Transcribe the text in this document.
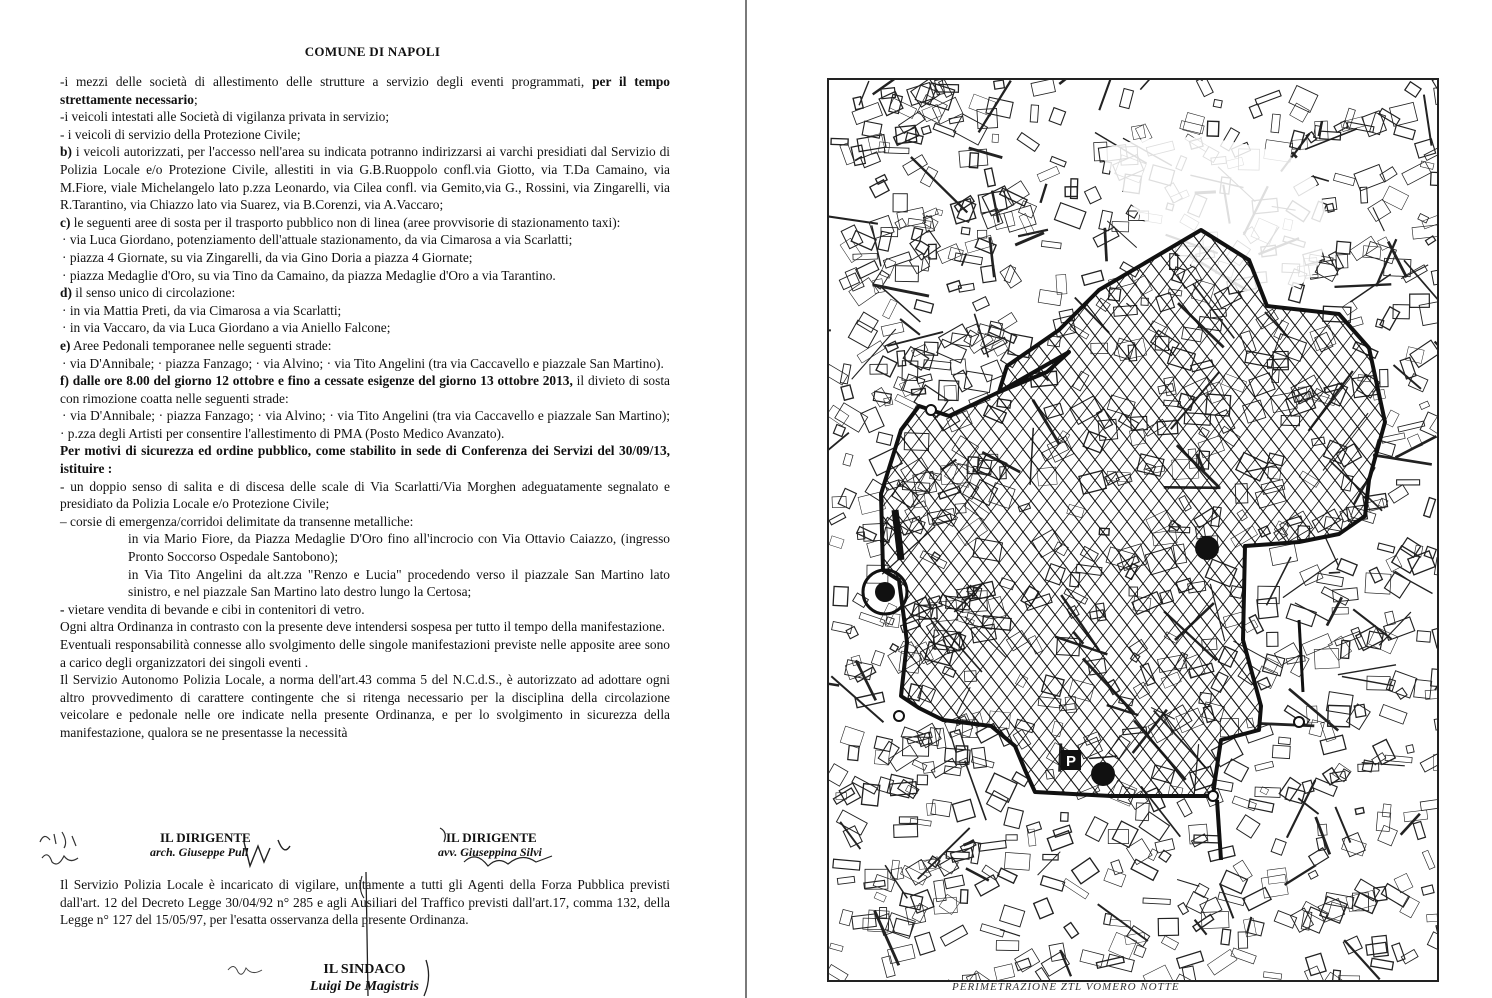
COMUNE DI NAPOLI

-i mezzi delle società di allestimento delle strutture a servizio degli eventi programmati, per il tempo strettamente necessario;

-i veicoli intestati alle Società di vigilanza privata in servizio;

- i veicoli di servizio della Protezione Civile;

b) i veicoli autorizzati, per l'accesso nell'area su indicata potranno indirizzarsi ai varchi presidiati dal Servizio di Polizia Locale e/o Protezione Civile, allestiti in via G.B.Ruoppolo confl.via Giotto, via T.Da Camaino, via M.Fiore, viale Michelangelo lato p.zza Leonardo, via Cilea confl. via Gemito,via G., Rossini, via Zingarelli, via R.Tarantino, via Chiazzo lato via Suarez, via B.Corenzi, via A.Vaccaro;

c) le seguenti aree di sosta per il trasporto pubblico non di linea (aree provvisorie di stazionamento taxi):

· via Luca Giordano, potenziamento dell'attuale stazionamento, da via Cimarosa a via Scarlatti;

· piazza 4 Giornate, su via Zingarelli, da via Gino Doria a piazza 4 Giornate;

· piazza Medaglie d'Oro, su via Tino da Camaino, da piazza Medaglie d'Oro a via Tarantino.

d) il senso unico di circolazione:

· in via Mattia Preti, da via Cimarosa a via Scarlatti;

· in via Vaccaro, da via Luca Giordano a via Aniello Falcone;

e) Aree Pedonali temporanee nelle seguenti strade:

· via D'Annibale; · piazza Fanzago; · via Alvino; · via Tito Angelini (tra via Caccavello e piazzale San Martino).

f) dalle ore 8.00 del giorno 12 ottobre e fino a cessate esigenze del giorno 13 ottobre 2013, il divieto di sosta con rimozione coatta nelle seguenti strade:

· via D'Annibale; · piazza Fanzago; · via Alvino; · via Tito Angelini (tra via Caccavello e piazzale San Martino); · p.zza degli Artisti per consentire l'allestimento di PMA (Posto Medico Avanzato).

Per motivi di sicurezza ed ordine pubblico, come stabilito in sede di Conferenza dei Servizi del 30/09/13, istituire :

- un doppio senso di salita e di discesa delle scale di Via Scarlatti/Via Morghen adeguatamente segnalato e presidiato da Polizia Locale e/o Protezione Civile;

– corsie di emergenza/corridoi delimitate da transenne metalliche:

in via Mario Fiore, da Piazza Medaglie D'Oro fino all'incrocio con Via Ottavio Caiazzo, (ingresso Pronto Soccorso Ospedale Santobono);

in Via Tito Angelini da alt.zza "Renzo e Lucia" procedendo verso il piazzale San Martino lato sinistro, e nel piazzale San Martino lato destro lungo la Certosa;

- vietare vendita di bevande e cibi in contenitori di vetro.

Ogni altra Ordinanza in contrasto con la presente deve intendersi sospesa per tutto il tempo della manifestazione.

Eventuali responsabilità connesse allo svolgimento delle singole manifestazioni previste nelle apposite aree sono a carico degli organizzatori dei singoli eventi .

Il Servizio Autonomo Polizia Locale, a norma dell'art.43 comma 5 del N.C.d.S., è autorizzato ad adottare ogni altro provvedimento di carattere contingente che si ritenga necessario per la disciplina della circolazione veicolare e pedonale nelle ore indicate nella presente Ordinanza, e per lo svolgimento in sicurezza della manifestazione, qualora se ne presentasse la necessità

IL DIRIGENTE
arch. Giuseppe Pull
IL DIRIGENTE
avv. Giuseppina Silvi
Il Servizio Polizia Locale è incaricato di vigilare, unitamente a tutti gli Agenti della Forza Pubblica previsti dall'art. 12 del Decreto Legge 30/04/92 n° 285 e agli Ausiliari del Traffico previsti dall'art.17, comma 132, della Legge n° 127 del 15/05/97, per l'esatta osservanza della presente Ordinanza.
IL SINDACO
Luigi De Magistris
P
PERIMETRAZIONE ZTL VOMERO NOTTE
